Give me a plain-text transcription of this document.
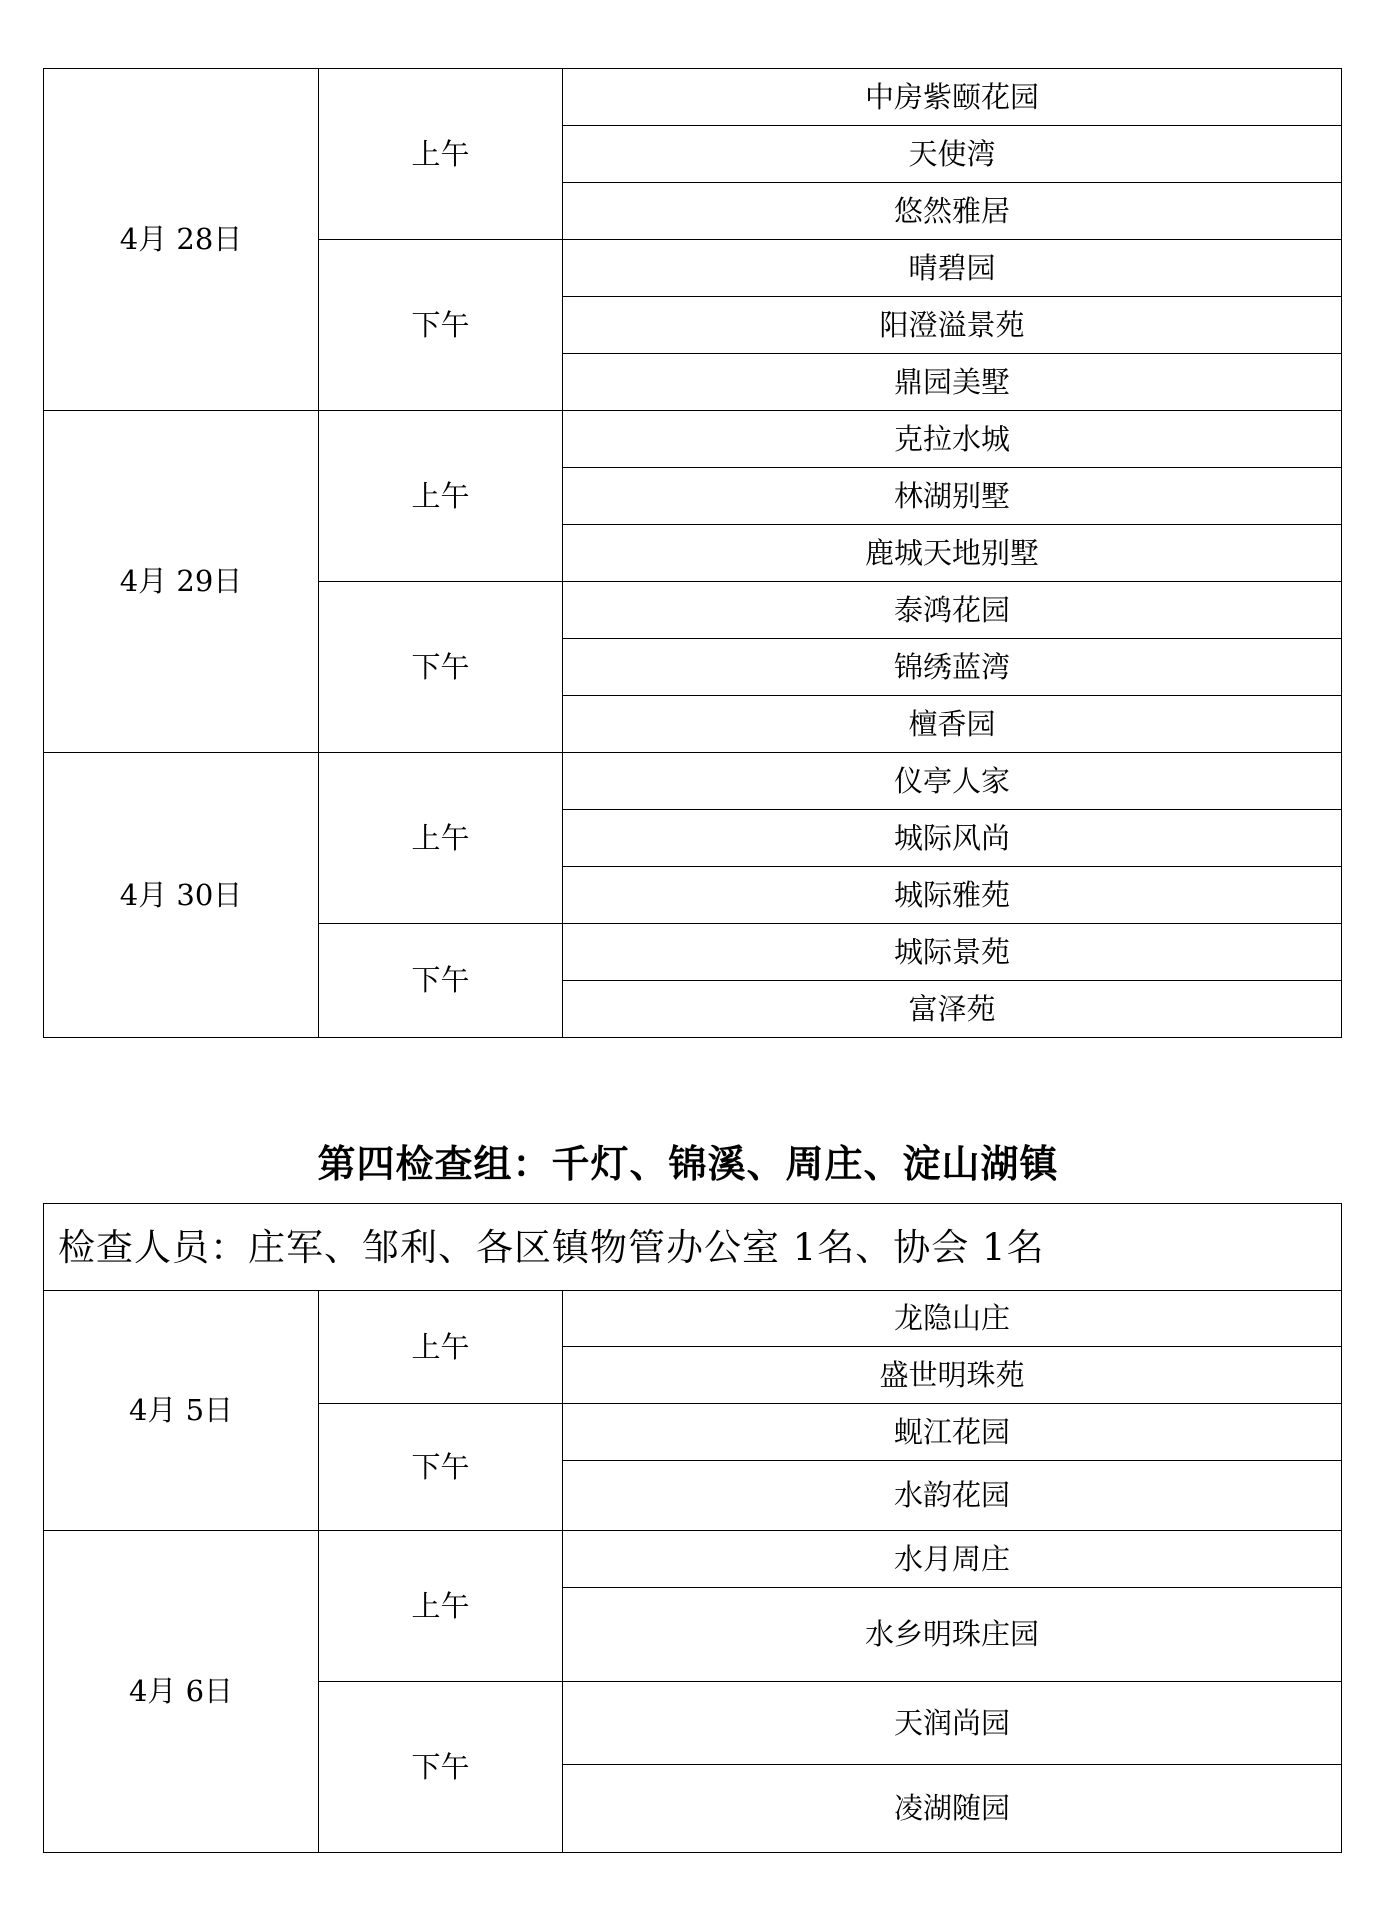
4月 28日	上午	中房紫颐花园
		天使湾
		悠然雅居
	下午	晴碧园
		阳澄溢景苑
		鼎园美墅
4月 29日	上午	克拉水城
		林湖别墅
		鹿城天地别墅
	下午	泰鸿花园
		锦绣蓝湾
		檀香园
4月 30日	上午	仪亭人家
		城际风尚
		城际雅苑
	下午	城际景苑
		富泽苑
第四检查组：千灯、锦溪、周庄、淀山湖镇
检查人员：庄军、邹利、各区镇物管办公室 1名、协会 1名		
4月 5日	上午	龙隐山庄
		盛世明珠苑
	下午	蚬江花园
		水韵花园
4月 6日	上午	水月周庄
		水乡明珠庄园
	下午	天润尚园
		凌湖随园
